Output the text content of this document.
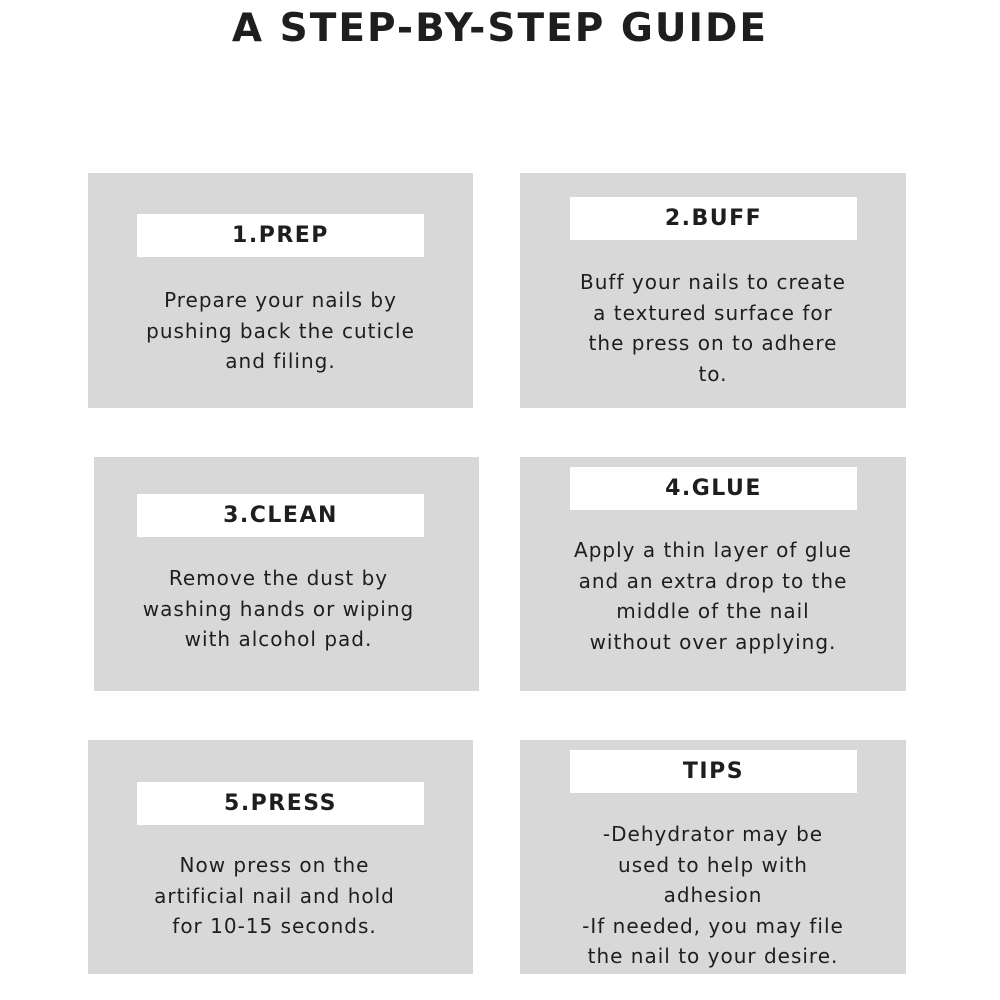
A STEP-BY-STEP GUIDE
1.PREP

Prepare your nails by
pushing back the cuticle
and filing.

2.BUFF

Buff your nails to create
a textured surface for
the press on to adhere
to.

3.CLEAN

Remove the dust by
washing hands or wiping
with alcohol pad.

4.GLUE

Apply a thin layer of glue
and an extra drop to the
middle of the nail
without over applying.

5.PRESS

Now press on the
artificial nail and hold
for 10-15 seconds.

TIPS

-Dehydrator may be
used to help with
adhesion
-If needed, you may file
the nail to your desire.
